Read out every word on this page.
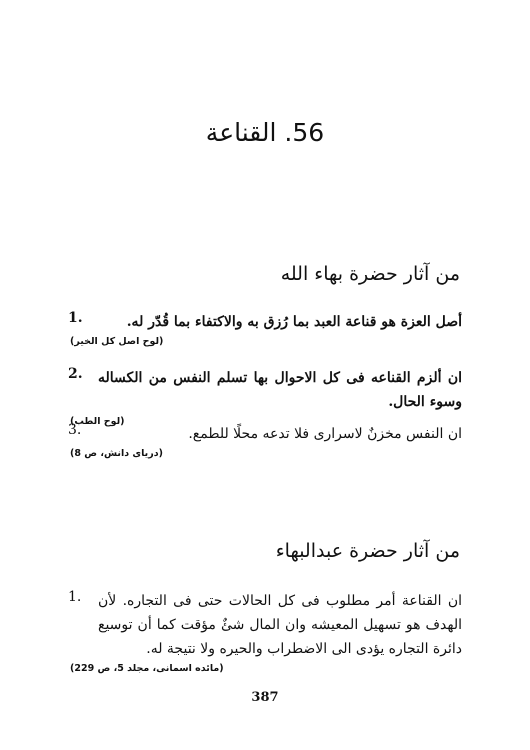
56. القناعة
من آثار حضرة بهاء الله
أصل العزة هو قناعة العبد بما رُزق به والاكتفاء بما قُدّر له.
1.
(لوح اصل كل الخير)
ان ألزم القناعه فى كل الاحوال بها تسلم النفس من الكساله وسوء الحال.
2.
(لوح الطب)
ان النفس مخزنٌ لاسرارى فلا تدعه محلًا للطمع.
3.
(دریای دانش، ص 8)
من آثار حضرة عبدالبهاء
ان القناعة أمر مطلوب فى كل الحالات حتى فى التجاره. لأن الهدف هو تسهيل المعيشه وان المال شئٌ مؤقت كما أن توسيع دائرة التجاره يؤدى الى الاضطراب والحيره ولا نتيجة له.
1.
(مائده اسمانى، مجلد 5، ص 229)
387
